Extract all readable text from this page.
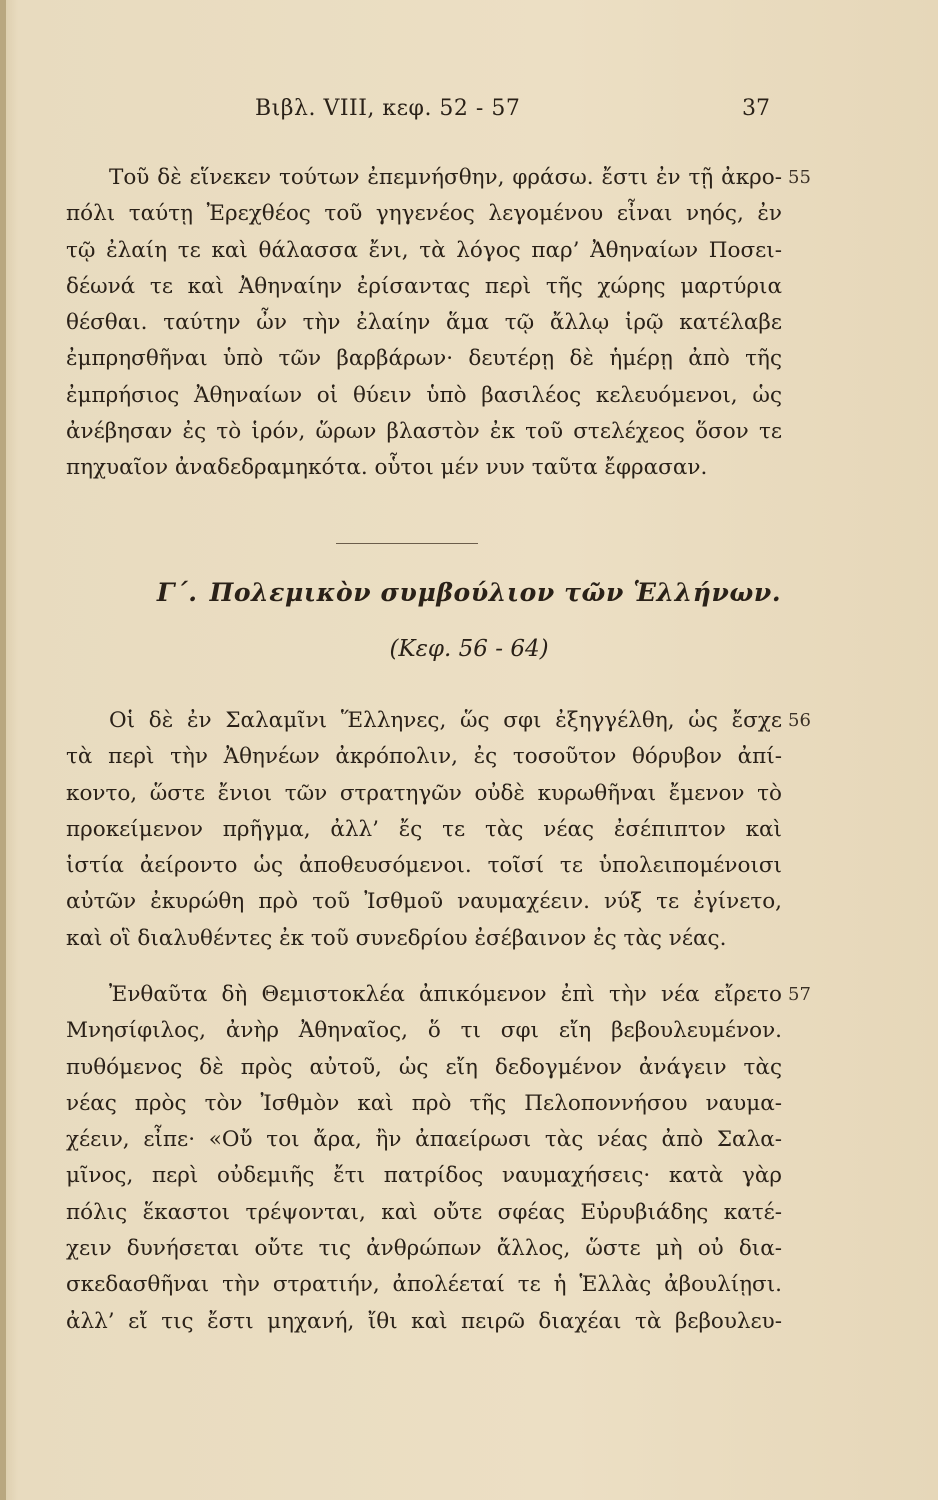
Βιβλ. VIII, κεφ. 52 - 57	37
Τοῦ δὲ εἵνεκεν τούτων ἐπεμνήσθην, φράσω. ἔστι ἐν τῇ ἀκρο- 55
πόλι ταύτῃ Ἐρεχθέος τοῦ γηγενέος λεγομένου εἶναι νηός, ἐν
τῷ ἐλαίη τε καὶ θάλασσα ἔνι, τὰ λόγος παρ’ Ἀθηναίων Ποσει-
δέωνά τε καὶ Ἀθηναίην ἐρίσαντας περὶ τῆς χώρης μαρτύρια
θέσθαι. ταύτην ὦν τὴν ἐλαίην ἅμα τῷ ἄλλῳ ἱρῷ κατέλαβε
ἐμπρησθῆναι ὑπὸ τῶν βαρβάρων· δευτέρῃ δὲ ἡμέρῃ ἀπὸ τῆς
ἐμπρήσιος Ἀθηναίων οἱ θύειν ὑπὸ βασιλέος κελευόμενοι, ὡς
ἀνέβησαν ἐς τὸ ἱρόν, ὥρων βλαστὸν ἐκ τοῦ στελέχεος ὅσον τε
πηχυαῖον ἀναδεδραμηκότα. οὗτοι μέν νυν ταῦτα ἔφρασαν.
Γ΄. Πολεμικὸν συμβούλιον τῶν Ἑλλήνων.
(Κεφ. 56 - 64)
Οἱ δὲ ἐν Σαλαμῖνι Ἕλληνες, ὥς σφι ἐξηγγέλθη, ὡς ἔσχε 56
τὰ περὶ τὴν Ἀθηνέων ἀκρόπολιν, ἐς τοσοῦτον θόρυβον ἀπί-
κοντο, ὥστε ἔνιοι τῶν στρατηγῶν οὐδὲ κυρωθῆναι ἔμενον τὸ
προκείμενον πρῆγμα, ἀλλ’ ἔς τε τὰς νέας ἐσέπιπτον καὶ
ἱστία ἀείροντο ὡς ἀποθευσόμενοι. τοῖσί τε ὑπολειπομένοισι
αὐτῶν ἐκυρώθη πρὸ τοῦ Ἰσθμοῦ ναυμαχέειν. νύξ τε ἐγίνετο,
καὶ οἳ διαλυθέντες ἐκ τοῦ συνεδρίου ἐσέβαινον ἐς τὰς νέας.
Ἐνθαῦτα δὴ Θεμιστοκλέα ἀπικόμενον ἐπὶ τὴν νέα εἴρετο 57
Μνησίφιλος, ἀνὴρ Ἀθηναῖος, ὅ τι σφι εἴη βεβουλευμένον.
πυθόμενος δὲ πρὸς αὐτοῦ, ὡς εἴη δεδογμένον ἀνάγειν τὰς
νέας πρὸς τὸν Ἰσθμὸν καὶ πρὸ τῆς Πελοποννήσου ναυμα-
χέειν, εἶπε· «Οὔ τοι ἄρα, ἢν ἀπαείρωσι τὰς νέας ἀπὸ Σαλα-
μῖνος, περὶ οὐδεμιῆς ἔτι πατρίδος ναυμαχήσεις· κατὰ γὰρ
πόλις ἕκαστοι τρέψονται, καὶ οὔτε σφέας Εὐρυβιάδης κατέ-
χειν δυνήσεται οὔτε τις ἀνθρώπων ἄλλος, ὥστε μὴ οὐ δια-
σκεδασθῆναι τὴν στρατιήν, ἀπολέεταί τε ἡ Ἑλλὰς ἀβουλίῃσι.
ἀλλ’ εἴ τις ἔστι μηχανή, ἴθι καὶ πειρῶ διαχέαι τὰ βεβουλευ-
